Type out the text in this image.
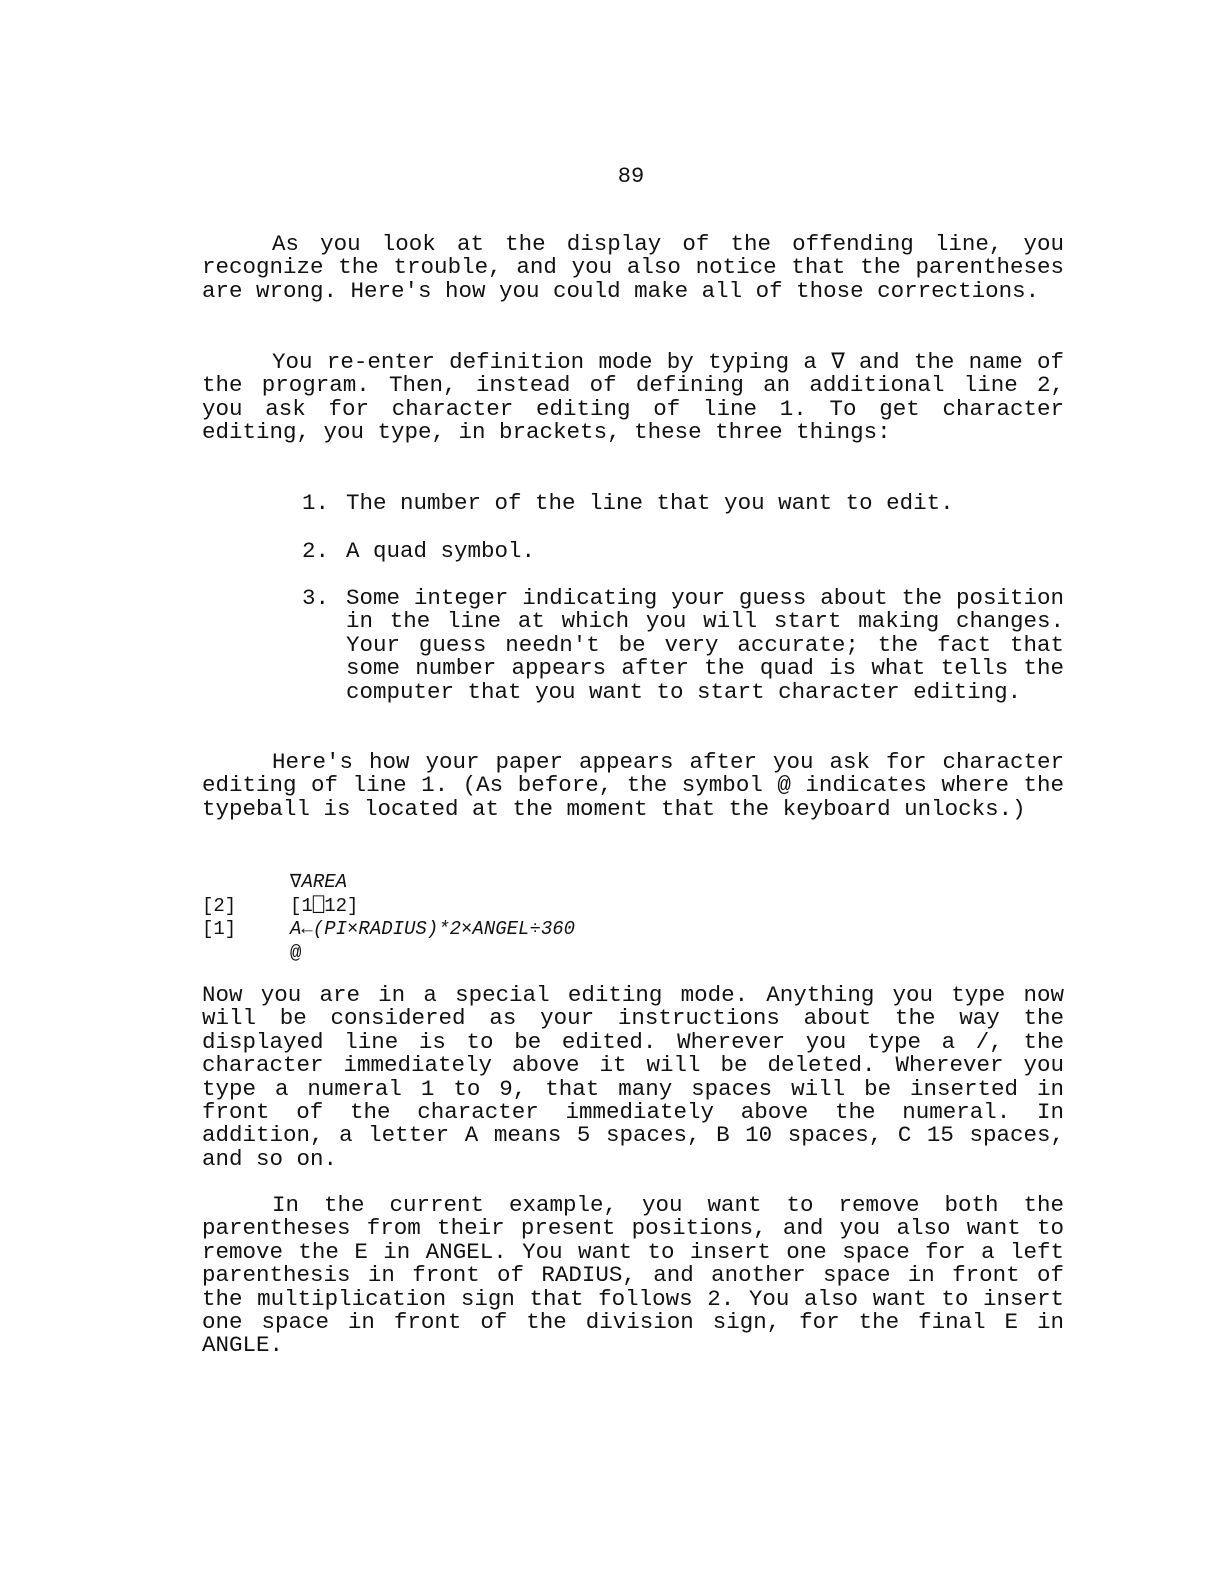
89

As you look at the display of the offending line, you recognize the trouble, and you also notice that the parentheses are wrong. Here's how you could make all of those corrections.

You re-enter definition mode by typing a ∇ and the name of the program. Then, instead of defining an additional line 2, you ask for character editing of line 1. To get character editing, you type, in brackets, these three things:

1. The number of the line that you want to edit.
2. A quad symbol.
3. Some integer indicating your guess about the position in the line at which you will start making changes. Your guess needn't be very accurate; the fact that some number appears after the quad is what tells the computer that you want to start character editing.

Here's how your paper appears after you ask for character editing of line 1. (As before, the symbol @ indicates where the typeball is located at the moment that the keyboard unlocks.)

∇AREA
[2]	[1⎕12]
[1]	A←(PI×RADIUS)*2×ANGEL÷360
@

Now you are in a special editing mode. Anything you type now will be considered as your instructions about the way the displayed line is to be edited. Wherever you type a /, the character immediately above it will be deleted. Wherever you type a numeral 1 to 9, that many spaces will be inserted in front of the character immediately above the numeral. In addition, a letter A means 5 spaces, B 10 spaces, C 15 spaces, and so on.

In the current example, you want to remove both the parentheses from their present positions, and you also want to remove the E in ANGEL. You want to insert one space for a left parenthesis in front of RADIUS, and another space in front of the multiplication sign that follows 2. You also want to insert one space in front of the division sign, for the final E in ANGLE.
